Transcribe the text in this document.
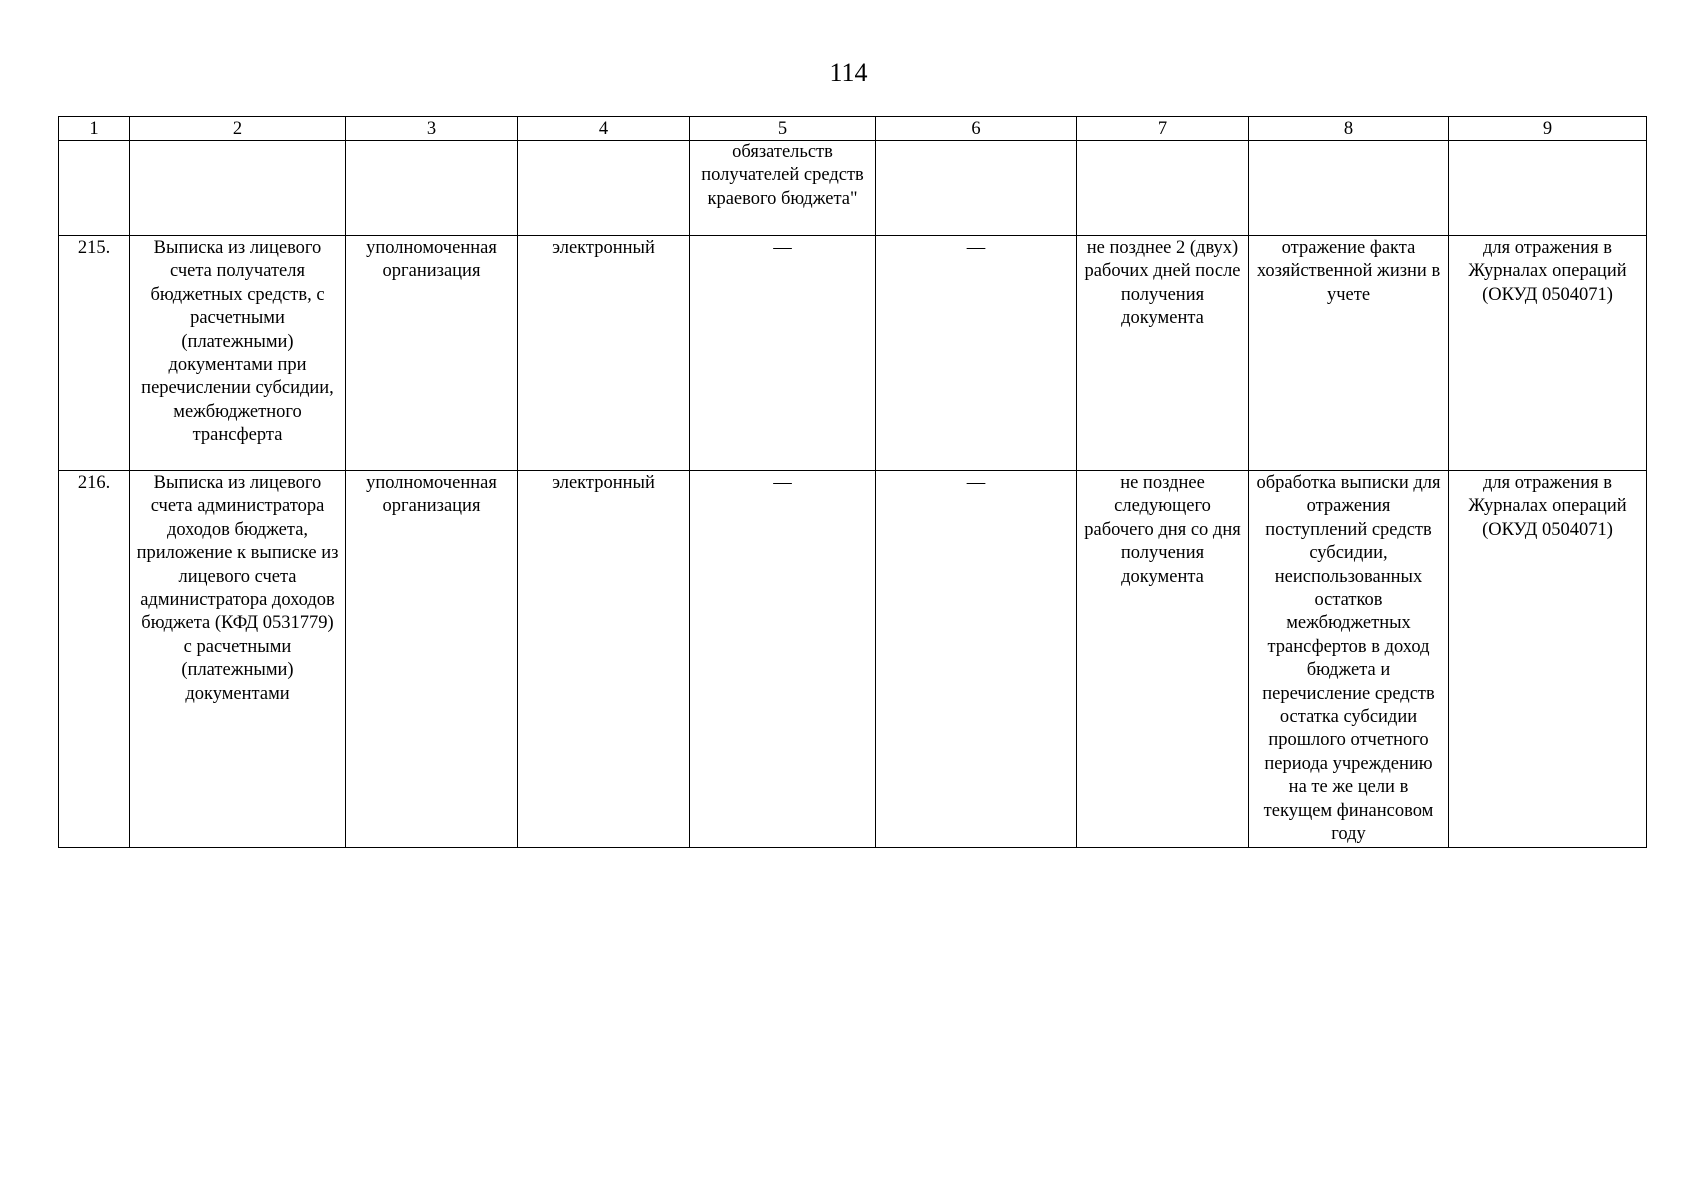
114
1	2	3	4	5	6	7	8	9
				обязательств получателей средств краевого бюджета"				
215.	Выписка из лицевого счета получателя бюджетных средств, с расчетными (платежными) документами при перечислении субсидии, межбюджетного трансферта	уполномоченная организация	электронный	—	—	не позднее 2 (двух) рабочих дней после получения документа	отражение факта хозяйственной жизни в учете	для отражения в Журналах операций (ОКУД 0504071)
216.	Выписка из лицевого счета администратора доходов бюджета, приложение к выписке из лицевого счета администратора доходов бюджета (КФД 0531779) с расчетными (платежными) документами	уполномоченная организация	электронный	—	—	не позднее следующего рабочего дня со дня получения документа	обработка выписки для отражения поступлений средств субсидии, неиспользованных остатков межбюджетных трансфертов в доход бюджета и перечисление средств остатка субсидии прошлого отчетного периода учреждению на те же цели в текущем финансовом году	для отражения в Журналах операций (ОКУД 0504071)
